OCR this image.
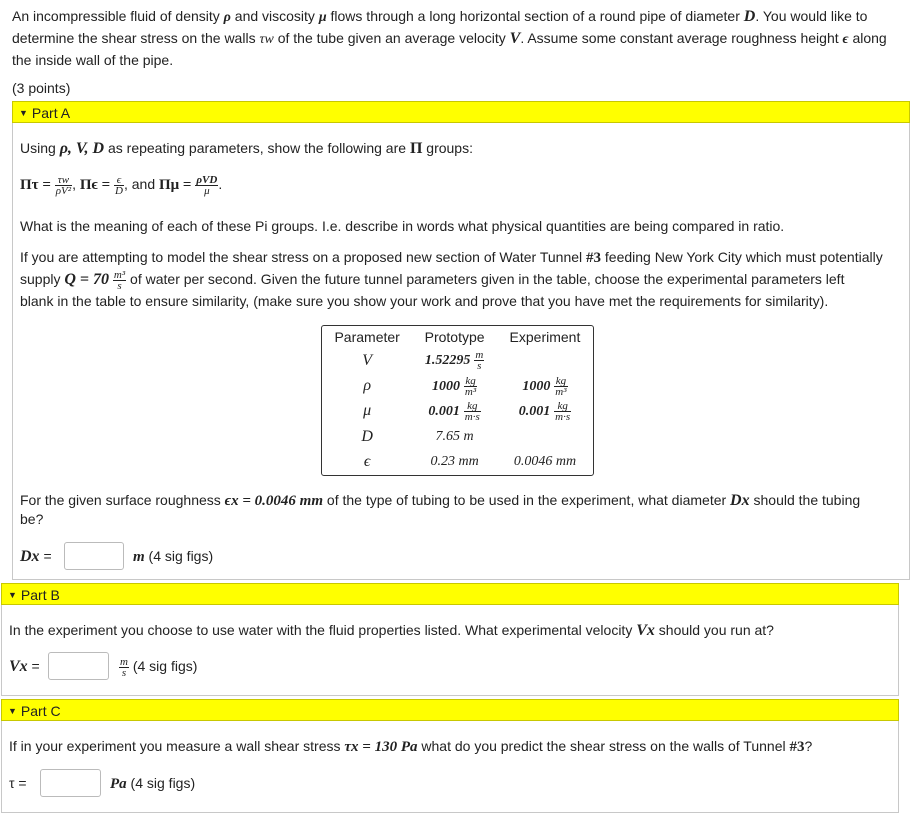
An incompressible fluid of density ρ and viscosity μ flows through a long horizontal section of a round pipe of diameter D. You would like to determine the shear stress on the walls τw of the tube given an average velocity V. Assume some constant average roughness height ϵ along the inside wall of the pipe.
(3 points)
▼ Part A
Using ρ, V, D as repeating parameters, show the following are Π groups:
$\Pi\tau = \frac{\tau w}{\text{ρV²}}$ , $\Pi\epsilon = \frac{\epsilon}{D}$ , and $\Pi\mu = \frac{\text{ρVD}}{\mu}$ .
What is the meaning of each of these Pi groups. I.e. describe in words what physical quantities are being compared in ratio.
If you are attempting to model the shear stress on a proposed new section of Water Tunnel #3 feeding New York City which must potentially
supply $Q = 70 \frac{\text{m³}}{s}$ of water per second. Given the future tunnel parameters given in the table, choose the experimental parameters left
blank in the table to ensure similarity, (make sure you show your work and prove that you have met the requirements for similarity).
Parameter	Prototype	Experiment
V	$1.52295 \frac{m}{s}$

ρ	$1000 \frac{kg}{\text{m³}}$	$1000 \frac{kg}{\text{m³}}$

μ	$0.001 \frac{kg}{m\cdot s}$	$0.001 \frac{kg}{m\cdot s}$

D	7.65 m	
ϵ	0.23 mm	0.0046 mm
For the given surface roughness ϵx = 0.0046 mm of the type of tubing to be used in the experiment, what diameter Dx should the tubing
be?
Dx =	m (4 sig figs)
▼ Part B
In the experiment you choose to use water with the fluid properties listed. What experimental velocity Vx should you run at?
Vx =	$\frac{m}{s} (4$ sig figs)
▼ Part C
If in your experiment you measure a wall shear stress τx = 130 Pa what do you predict the shear stress on the walls of Tunnel #3?
τ =	Pa (4 sig figs)
